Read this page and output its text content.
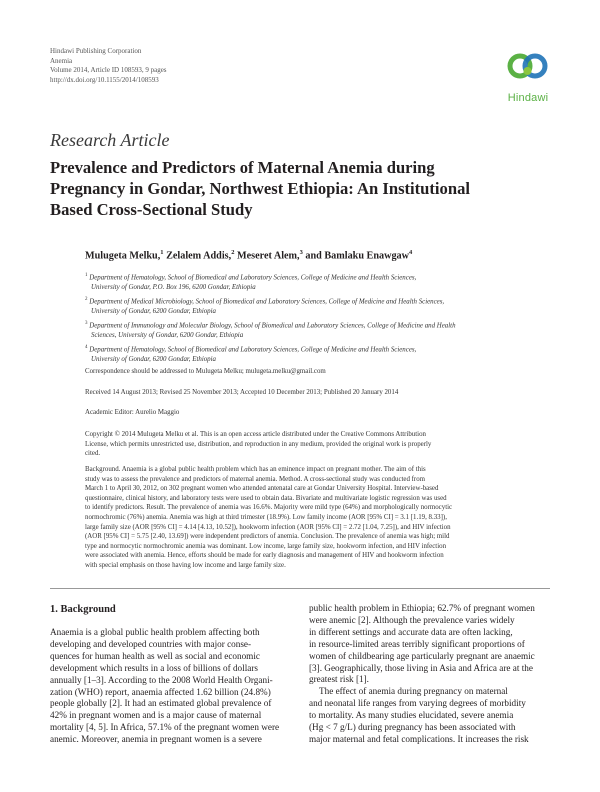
Hindawi Publishing Corporation
Anemia
Volume 2014, Article ID 108593, 9 pages
http://dx.doi.org/10.1155/2014/108593
Hindawi
Research Article
Prevalence and Predictors of Maternal Anemia during
Pregnancy in Gondar, Northwest Ethiopia: An Institutional
Based Cross-Sectional Study
Mulugeta Melku,$^1$ Zelalem Addis,$^2$ Meseret Alem,$^3$ and Bamlaku Enawgaw$^4$
$^1$ Department of Hematology, School of Biomedical and Laboratory Sciences, College of Medicine and Health Sciences,
University of Gondar, P.O. Box 196, 6200 Gondar, Ethiopia
$^2$ Department of Medical Microbiology, School of Biomedical and Laboratory Sciences, College of Medicine and Health Sciences,
University of Gondar, 6200 Gondar, Ethiopia
$^3$ Department of Immunology and Molecular Biology, School of Biomedical and Laboratory Sciences, College of Medicine and Health
Sciences, University of Gondar, 6200 Gondar, Ethiopia
$^4$ Department of Hematology, School of Biomedical and Laboratory Sciences, College of Medicine and Health Sciences,
University of Gondar, 6200 Gondar, Ethiopia
Correspondence should be addressed to Mulugeta Melku; mulugeta.melku@gmail.com
Received 14 August 2013; Revised 25 November 2013; Accepted 10 December 2013; Published 20 January 2014
Academic Editor: Aurelio Maggio
Copyright © 2014 Mulugeta Melku et al. This is an open access article distributed under the Creative Commons Attribution
License, which permits unrestricted use, distribution, and reproduction in any medium, provided the original work is properly
cited.
Background. Anaemia is a global public health problem which has an eminence impact on pregnant mother. The aim of this
study was to assess the prevalence and predictors of maternal anemia. Method. A cross-sectional study was conducted from
March 1 to April 30, 2012, on 302 pregnant women who attended antenatal care at Gondar University Hospital. Interview-based
questionnaire, clinical history, and laboratory tests were used to obtain data. Bivariate and multivariate logistic regression was used
to identify predictors. Result. The prevalence of anemia was 16.6%. Majority were mild type (64%) and morphologically normocytic
normochromic (76%) anemia. Anemia was high at third trimester (18.9%). Low family income (AOR [95% CI] = 3.1 [1.19, 8.33]),
large family size (AOR [95% CI] = 4.14 [4.13, 10.52]), hookworm infection (AOR [95% CI] = 2.72 [1.04, 7.25]), and HIV infection
(AOR [95% CI] = 5.75 [2.40, 13.69]) were independent predictors of anemia. Conclusion. The prevalence of anemia was high; mild
type and normocytic normochromic anemia was dominant. Low income, large family size, hookworm infection, and HIV infection
were associated with anemia. Hence, efforts should be made for early diagnosis and management of HIV and hookworm infection
with special emphasis on those having low income and large family size.
1. Background
Anaemia is a global public health problem affecting both
developing and developed countries with major conse-
quences for human health as well as social and economic
development which results in a loss of billions of dollars
annually [1–3]. According to the 2008 World Health Organi-
zation (WHO) report, anaemia affected 1.62 billion (24.8%)
people globally [2]. It had an estimated global prevalence of
42% in pregnant women and is a major cause of maternal
mortality [4, 5]. In Africa, 57.1% of the pregnant women were
anemic. Moreover, anemia in pregnant women is a severe
public health problem in Ethiopia; 62.7% of pregnant women
were anemic [2]. Although the prevalence varies widely
in different settings and accurate data are often lacking,
in resource-limited areas terribly significant proportions of
women of childbearing age particularly pregnant are anaemic
[3]. Geographically, those living in Asia and Africa are at the
greatest risk [1].
The effect of anemia during pregnancy on maternal
and neonatal life ranges from varying degrees of morbidity
to mortality. As many studies elucidated, severe anemia
(Hg < 7 g/L) during pregnancy has been associated with
major maternal and fetal complications. It increases the risk
